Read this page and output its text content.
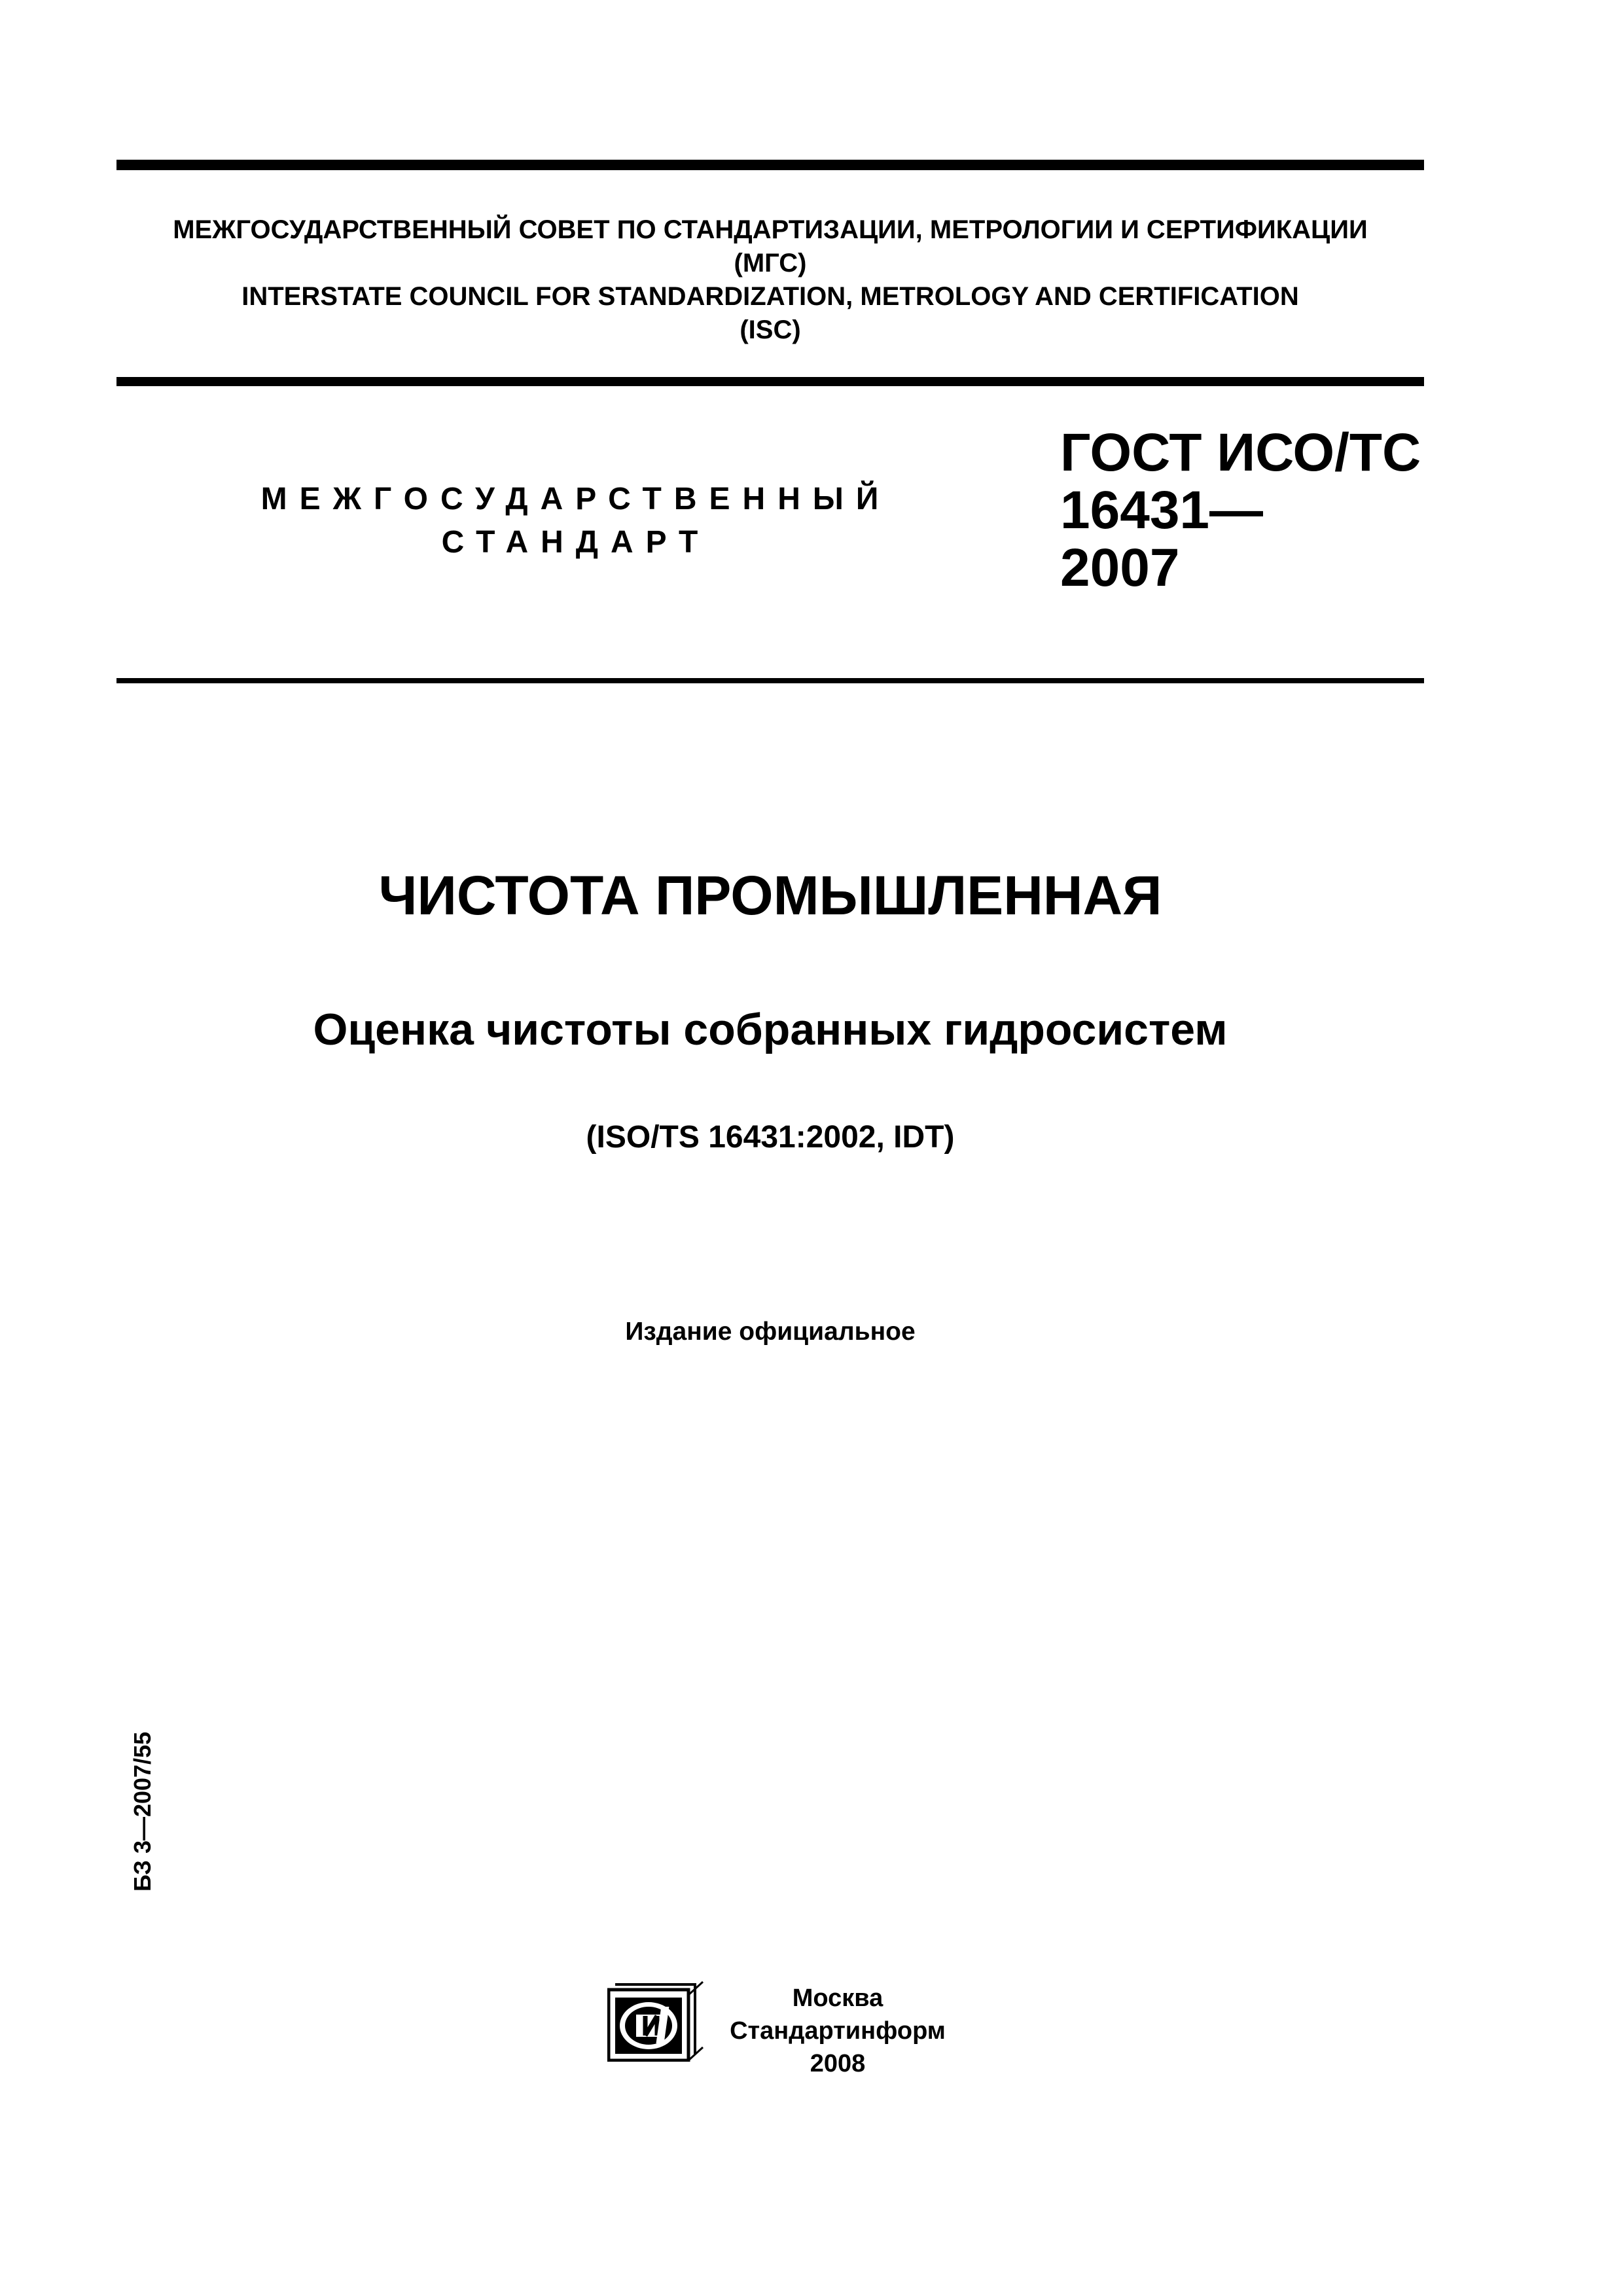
МЕЖГОСУДАРСТВЕННЫЙ СОВЕТ ПО СТАНДАРТИЗАЦИИ, МЕТРОЛОГИИ И СЕРТИФИКАЦИИ
(МГС)
INTERSTATE COUNCIL FOR STANDARDIZATION, METROLOGY AND CERTIFICATION
(ISC)
МЕЖГОСУДАРСТВЕННЫЙ
СТАНДАРТ
ГОСТ ИСО/ТС
16431—
2007
ЧИСТОТА ПРОМЫШЛЕННАЯ
Оценка чистоты собранных гидросистем
(ISO/TS 16431:2002, IDT)
Издание официальное
БЗ 3—2007/55
Москва
Стандартинформ
2008
